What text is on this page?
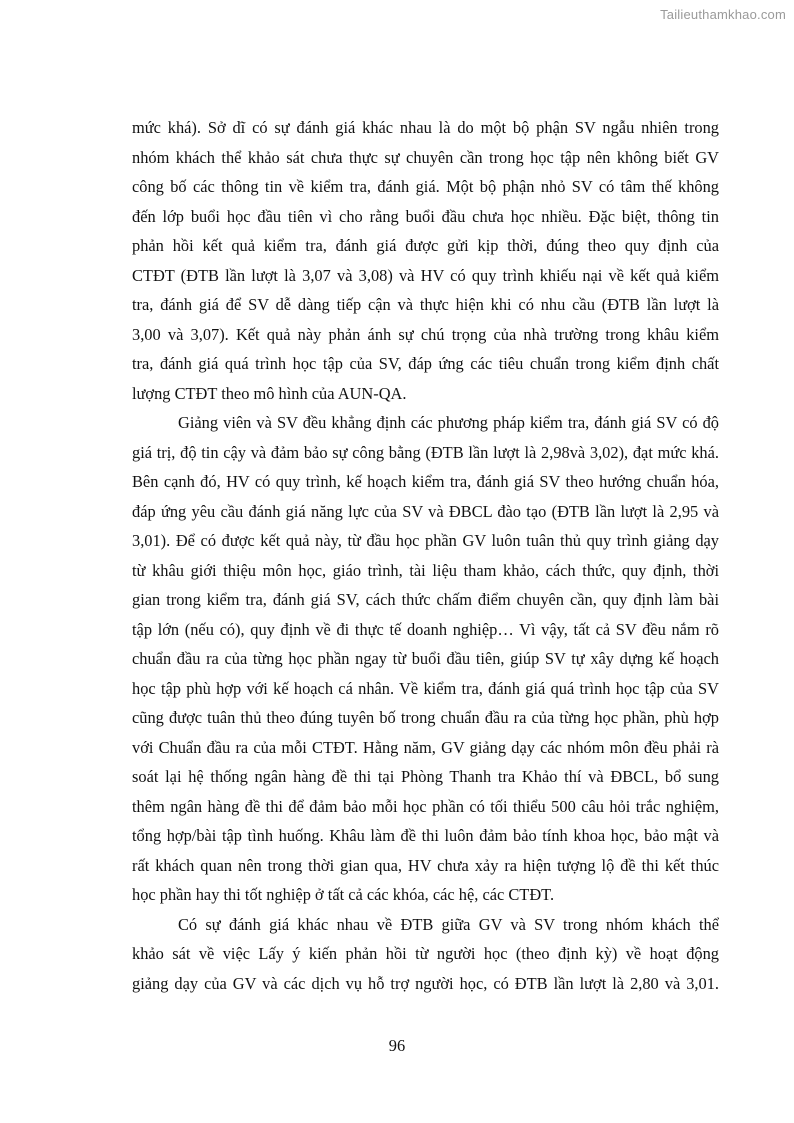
Tailieuthamkhao.com
mức khá). Sở dĩ có sự đánh giá khác nhau là do một bộ phận SV ngẫu nhiên trong
nhóm khách thể khảo sát chưa thực sự chuyên cần trong học tập nên không biết GV
công bố các thông tin về kiểm tra, đánh giá. Một bộ phận nhỏ SV có tâm thế không
đến lớp buổi học đầu tiên vì cho rằng buổi đầu chưa học nhiều. Đặc biệt, thông tin
phản hồi kết quả kiểm tra, đánh giá được gửi kịp thời, đúng theo quy định của
CTĐT (ĐTB lần lượt là 3,07 và 3,08) và HV có quy trình khiếu nại về kết quả kiểm
tra, đánh giá để SV dễ dàng tiếp cận và thực hiện khi có nhu cầu (ĐTB lần lượt là
3,00 và 3,07). Kết quả này phản ánh sự chú trọng của nhà trường trong khâu kiểm
tra, đánh giá quá trình học tập của SV, đáp ứng các tiêu chuẩn trong kiểm định chất
lượng CTĐT theo mô hình của AUN-QA.
Giảng viên và SV đều khẳng định các phương pháp kiểm tra, đánh giá SV có độ
giá trị, độ tin cậy và đảm bảo sự công bằng (ĐTB lần lượt là 2,98và 3,02), đạt mức khá.
Bên cạnh đó, HV có quy trình, kế hoạch kiểm tra, đánh giá SV theo hướng chuẩn hóa,
đáp ứng yêu cầu đánh giá năng lực của SV và ĐBCL đào tạo (ĐTB lần lượt là 2,95 và
3,01). Để có được kết quả này, từ đầu học phần GV luôn tuân thủ quy trình giảng dạy
từ khâu giới thiệu môn học, giáo trình, tài liệu tham khảo, cách thức, quy định, thời
gian trong kiểm tra, đánh giá SV, cách thức chấm điểm chuyên cần, quy định làm bài
tập lớn (nếu có), quy định về đi thực tế doanh nghiệp… Vì vậy, tất cả SV đều nắm rõ
chuẩn đầu ra của từng học phần ngay từ buổi đầu tiên, giúp SV tự xây dựng kế hoạch
học tập phù hợp với kế hoạch cá nhân. Về kiểm tra, đánh giá quá trình học tập của SV
cũng được tuân thủ theo đúng tuyên bố trong chuẩn đầu ra của từng học phần, phù hợp
với Chuẩn đầu ra của mỗi CTĐT. Hằng năm, GV giảng dạy các nhóm môn đều phải rà
soát lại hệ thống ngân hàng đề thi tại Phòng Thanh tra Khảo thí và ĐBCL, bổ sung
thêm ngân hàng đề thi để đảm bảo mỗi học phần có tối thiểu 500 câu hỏi trắc nghiệm,
tổng hợp/bài tập tình huống. Khâu làm đề thi luôn đảm bảo tính khoa học, bảo mật và
rất khách quan nên trong thời gian qua, HV chưa xảy ra hiện tượng lộ đề thi kết thúc
học phần hay thi tốt nghiệp ở tất cả các khóa, các hệ, các CTĐT.
Có sự đánh giá khác nhau về ĐTB giữa GV và SV trong nhóm khách thể
khảo sát về việc Lấy ý kiến phản hồi từ người học (theo định kỳ) về hoạt động
giảng dạy của GV và các dịch vụ hỗ trợ người học, có ĐTB lần lượt là 2,80 và 3,01.
96
